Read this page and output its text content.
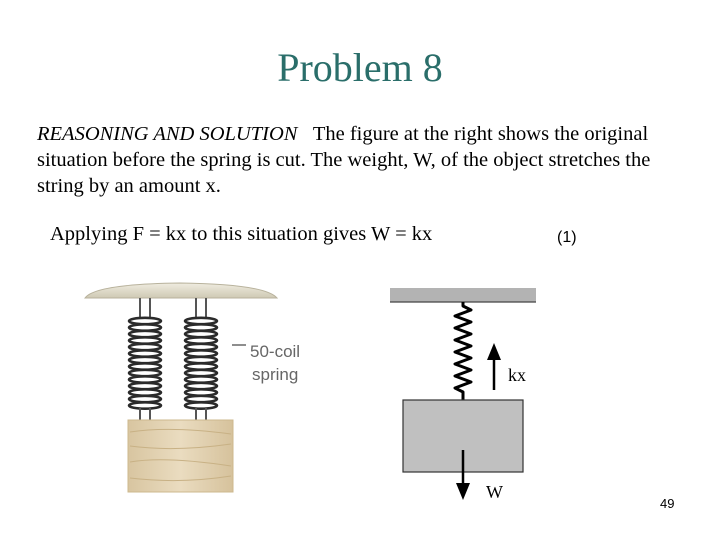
Problem 8
REASONING AND SOLUTION The figure at the right shows the original situation before the spring is cut. The weight, W, of the object stretches the string by an amount x.
Applying F = kx to this situation gives W = kx	(1)
50-coil
spring	kx
W
49
